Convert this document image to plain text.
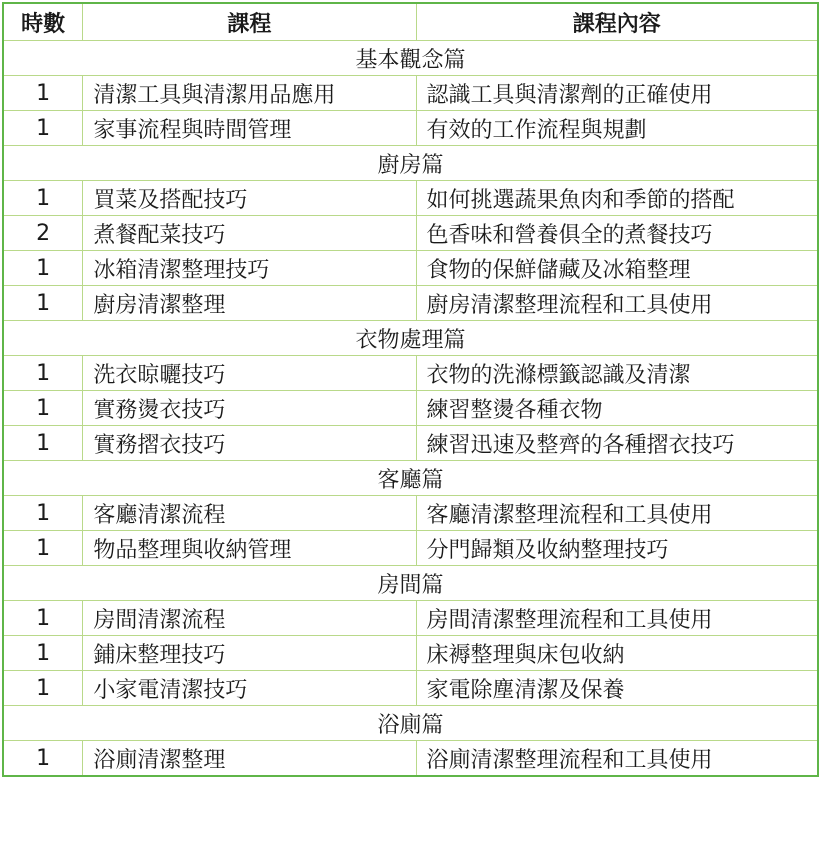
時數	課程	課程內容
基本觀念篇		
1	清潔工具與清潔用品應用	認識工具與清潔劑的正確使用
1	家事流程與時間管理	有效的工作流程與規劃
廚房篇		
1	買菜及搭配技巧	如何挑選蔬果魚肉和季節的搭配
2	煮餐配菜技巧	色香味和營養俱全的煮餐技巧
1	冰箱清潔整理技巧	食物的保鮮儲藏及冰箱整理
1	廚房清潔整理	廚房清潔整理流程和工具使用
衣物處理篇		
1	洗衣晾曬技巧	衣物的洗滌標籤認識及清潔
1	實務燙衣技巧	練習整燙各種衣物
1	實務摺衣技巧	練習迅速及整齊的各種摺衣技巧
客廳篇		
1	客廳清潔流程	客廳清潔整理流程和工具使用
1	物品整理與收納管理	分門歸類及收納整理技巧
房間篇		
1	房間清潔流程	房間清潔整理流程和工具使用
1	鋪床整理技巧	床褥整理與床包收納
1	小家電清潔技巧	家電除塵清潔及保養
浴廁篇		
1	浴廁清潔整理	浴廁清潔整理流程和工具使用
